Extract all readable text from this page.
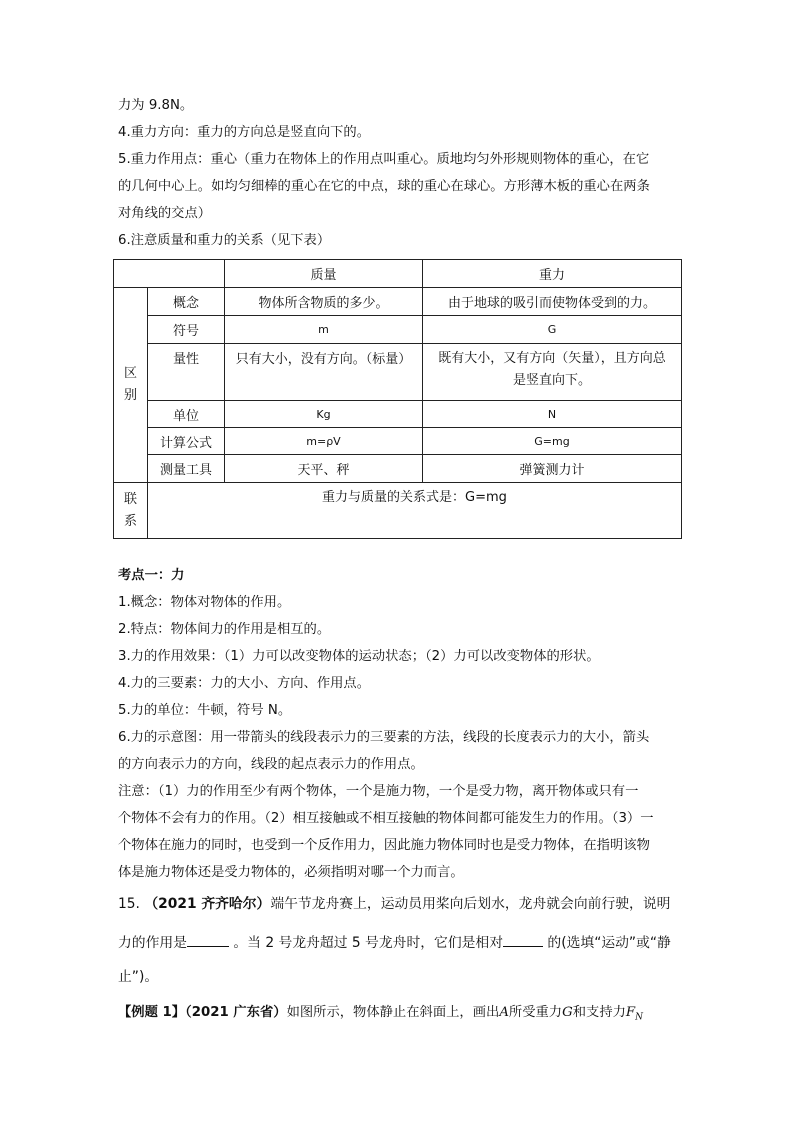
力为 9.8N。
4.重力方向：重力的方向总是竖直向下的。
5.重力作用点：重心（重力在物体上的作用点叫重心。质地均匀外形规则物体的重心，在它
的几何中心上。如均匀细棒的重心在它的中点，球的重心在球心。方形薄木板的重心在两条
对角线的交点）
6.注意质量和重力的关系（见下表）
		质量	重力
区
别	概念	物体所含物质的多少。	由于地球的吸引而使物体受到的力。
	符号	m	G
	量性	只有大小，没有方向。（标量）	既有大小，又有方向（矢量），且方向总
是竖直向下。
	单位	Kg	N
	计算公式	m=ρV	G=mg
	测量工具	天平、秤	弹簧测力计
联
系	重力与质量的关系式是：G=mg		
考点一：力
1.概念：物体对物体的作用。
2.特点：物体间力的作用是相互的。
3.力的作用效果：（1）力可以改变物体的运动状态；（2）力可以改变物体的形状。
4.力的三要素：力的大小、方向、作用点。
5.力的单位：牛顿，符号 N。
6.力的示意图：用一带箭头的线段表示力的三要素的方法，线段的长度表示力的大小，箭头
的方向表示力的方向，线段的起点表示力的作用点。
注意：（1）力的作用至少有两个物体，一个是施力物，一个是受力物，离开物体或只有一
个物体不会有力的作用。（2）相互接触或不相互接触的物体间都可能发生力的作用。（3）一
个物体在施力的同时，也受到一个反作用力，因此施力物体同时也是受力物体，在指明该物
体是施力物体还是受力物体的，必须指明对哪一个力而言。
15. （2021 齐齐哈尔）端午节龙舟赛上，运动员用桨向后划水，龙舟就会向前行驶，说明
力的作用是	。当 2 号龙舟超过 5 号龙舟时，它们是相对	的(选填“运动”或“静
止”)。
【例题 1】（2021 广东省）如图所示，物体静止在斜面上，画出A所受重力G和支持力$F_N$
